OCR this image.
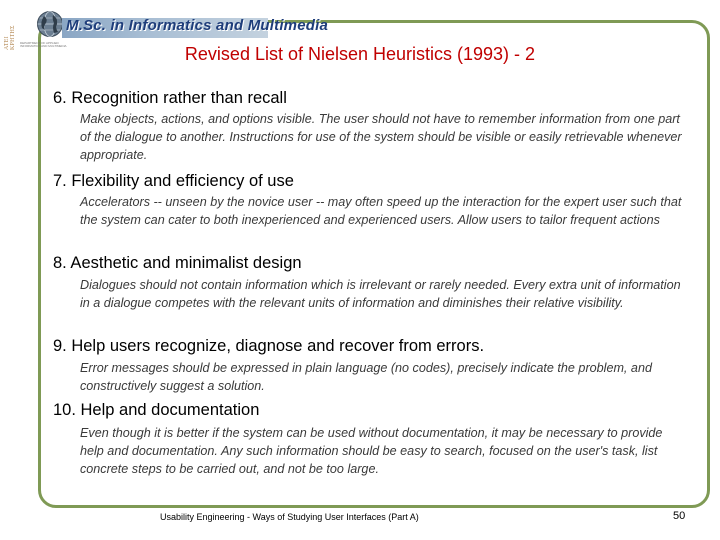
ΑΤΕΙ ΚΡΗΤΗΣ DEPARTMENT OF APPLIED INFORMATICS AND MULTIMEDIA
M.Sc. in Informatics and Multimedia
Revised List of Nielsen Heuristics (1993) - 2
6. Recognition rather than recall
Make objects, actions, and options visible. The user should not have to remember information from one part of the dialogue to another. Instructions for use of the system should be visible or easily retrievable whenever appropriate.
7. Flexibility and efficiency of use
Accelerators -- unseen by the novice user -- may often speed up the interaction for the expert user such that the system can cater to both inexperienced and experienced users. Allow users to tailor frequent actions
8. Aesthetic and minimalist design
Dialogues should not contain information which is irrelevant or rarely needed. Every extra unit of information in a dialogue competes with the relevant units of information and diminishes their relative visibility.
9. Help users recognize, diagnose and recover from errors.
Error messages should be expressed in plain language (no codes), precisely indicate the problem, and constructively suggest a solution.
10. Help and documentation
Even though it is better if the system can be used without documentation, it may be necessary to provide help and documentation. Any such information should be easy to search, focused on the user's task, list concrete steps to be carried out, and not be too large.
Usability Engineering - Ways of Studying User Interfaces (Part A)	50
